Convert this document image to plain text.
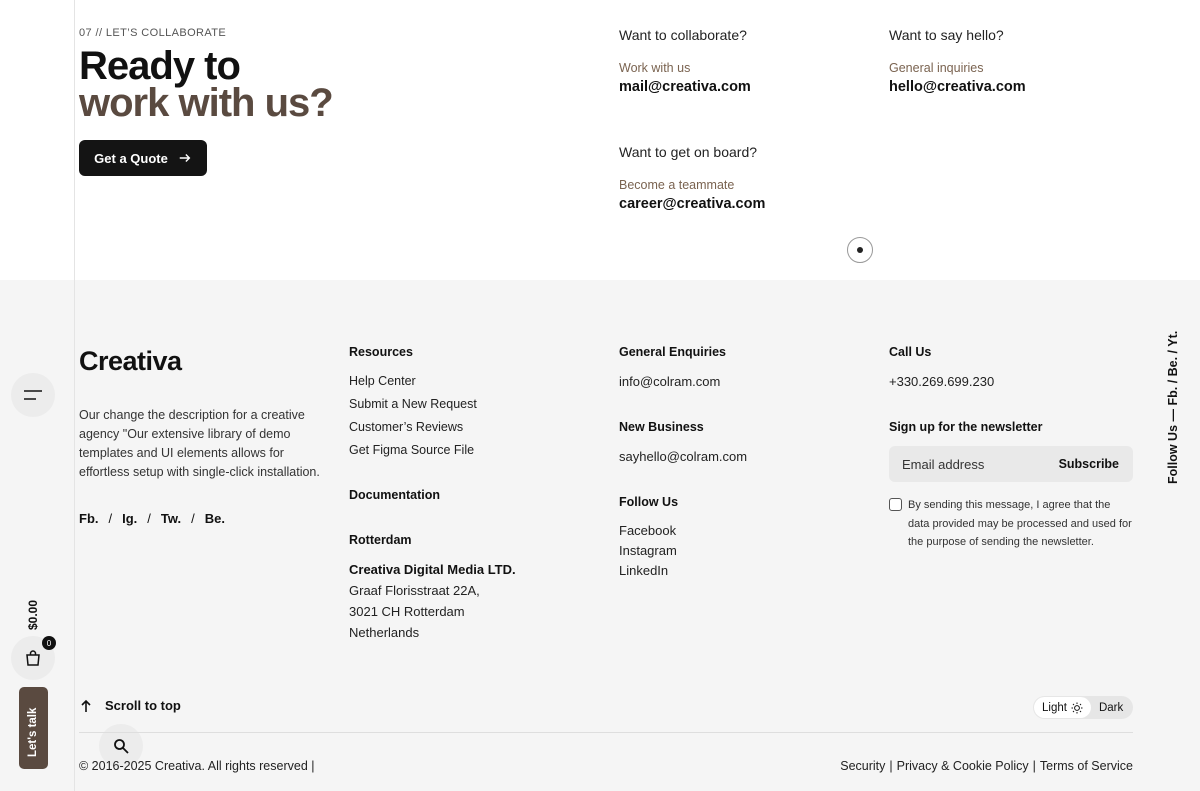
07 // LET’S COLLABORATE
Ready to
work with us?
Get a Quote
Want to collaborate?
Work with us
mail@creativa.com
Want to say hello?
General inquiries
hello@creativa.com
Want to get on board?
Become a teammate
career@creativa.com
Creativa
Our change the description for a creative agency "Our extensive library of demo templates and UI elements allows for effortless setup with single-click installation.
Fb. / Ig. / Tw. / Be.
Resources
Help Center
Submit a New Request
Customer’s Reviews
Get Figma Source File
Documentation
Rotterdam
Creativa Digital Media LTD.
Graaf Florisstraat 22A,
3021 CH Rotterdam
Netherlands
General Enquiries
info@colram.com
New Business
sayhello@colram.com
Follow Us
Facebook
Instagram
LinkedIn
Call Us
+330.269.699.230
Sign up for the newsletter
Email address
Subscribe
By sending this message, I agree that the data provided may be processed and used for the purpose of sending the newsletter.
Follow Us — Fb. / Be. / Yt.
$0.00
0
Let's talk
Scroll to top	Light	Dark
© 2016-2025 Creativa. All rights reserved |	Security | Privacy & Cookie Policy | Terms of Service
